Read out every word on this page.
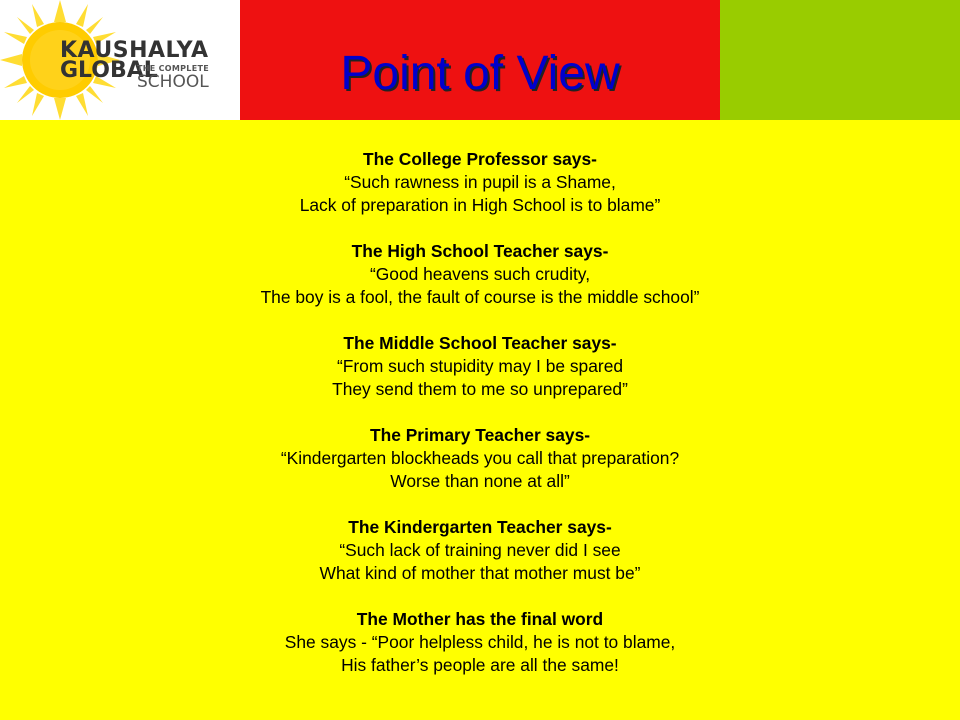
KAUSHALYA
GLOBAL
THE COMPLETE
SCHOOL	Point of View
The College Professor says-
“Such rawness in pupil is a Shame,
Lack of preparation in High School is to blame”
The High School Teacher says-
“Good heavens such crudity,
The boy is a fool, the fault of course is the middle school”
The Middle School Teacher says-
“From such stupidity may I be spared
They send them to me so unprepared”
The Primary Teacher says-
“Kindergarten blockheads you call that preparation?
Worse than none at all”
The Kindergarten Teacher says-
“Such lack of training never did I see
What kind of mother that mother must be”
The Mother has the final word
She says - “Poor helpless child, he is not to blame,
His father’s people are all the same!
